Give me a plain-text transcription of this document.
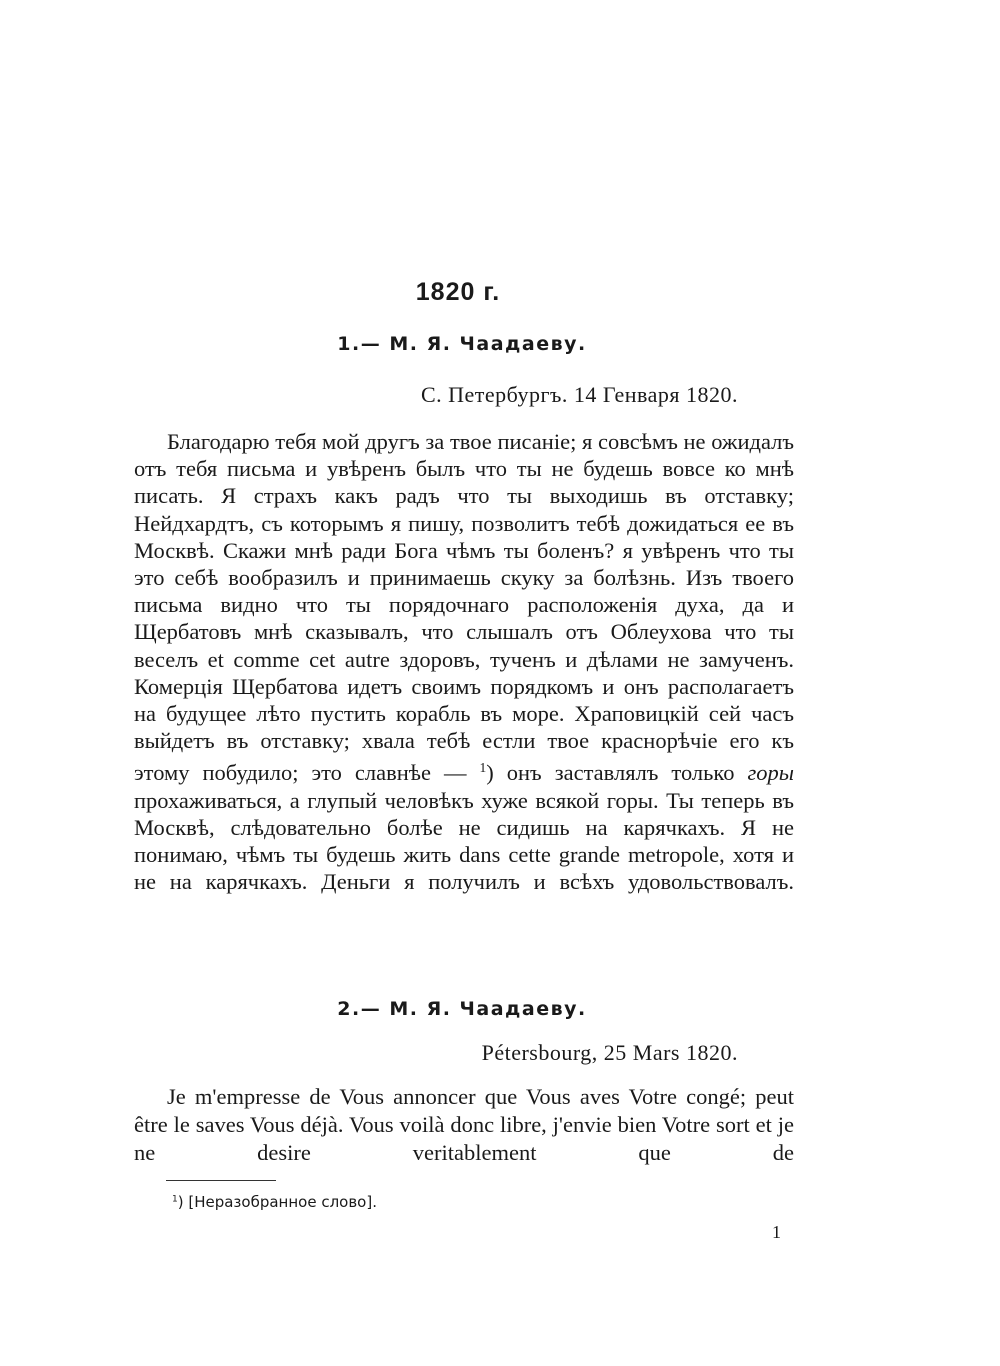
1820 г.
1.— М. Я. Чаадаеву.
С. Петербургъ. 14 Генваря 1820.

Благодарю тебя мой другъ за твое писаніе; я совсѣмъ не ожидалъ отъ тебя письма и увѣренъ былъ что ты не будешь вовсе ко мнѣ писать. Я страхъ какъ радъ что ты выходишь въ отставку; Нейдхардтъ, съ которымъ я пишу, позволитъ тебѣ дожидаться ее въ Москвѣ. Скажи мнѣ ради Бога чѣмъ ты боленъ? я увѣренъ что ты это себѣ вообразилъ и принимаешь скуку за болѣзнь. Изъ твоего письма видно что ты порядочнаго расположенія духа, да и Щербатовъ мнѣ сказывалъ, что слышалъ отъ Облеухова что ты веселъ et comme cet autre здоровъ, тученъ и дѣлами не замученъ. Комерція Щербатова идетъ своимъ порядкомъ и онъ располагаетъ на будущее лѣто пустить корабль въ море. Храповицкій сей часъ выйдетъ въ отставку; хвала тебѣ естли твое краснорѣчіе его къ этому побудило; это славнѣе — $^1$) онъ заставлялъ только горы прохаживаться, а глупый человѣкъ хуже всякой горы. Ты теперь въ Москвѣ, слѣдовательно болѣе не сидишь на карячкахъ. Я не понимаю, чѣмъ ты будешь жить dans cette grande metropole, хотя и не на карячкахъ. Деньги я получилъ и всѣхъ удовольствовалъ.

2.— М. Я. Чаадаеву.
Pétersbourg, 25 Mars 1820.

Je m'empresse de Vous annoncer que Vous aves Votre congé; peut être le saves Vous déjà. Vous voilà donc libre, j'envie bien Votre sort et je ne desire veritablement que de

$^1$) [Неразобранное слово].
1
